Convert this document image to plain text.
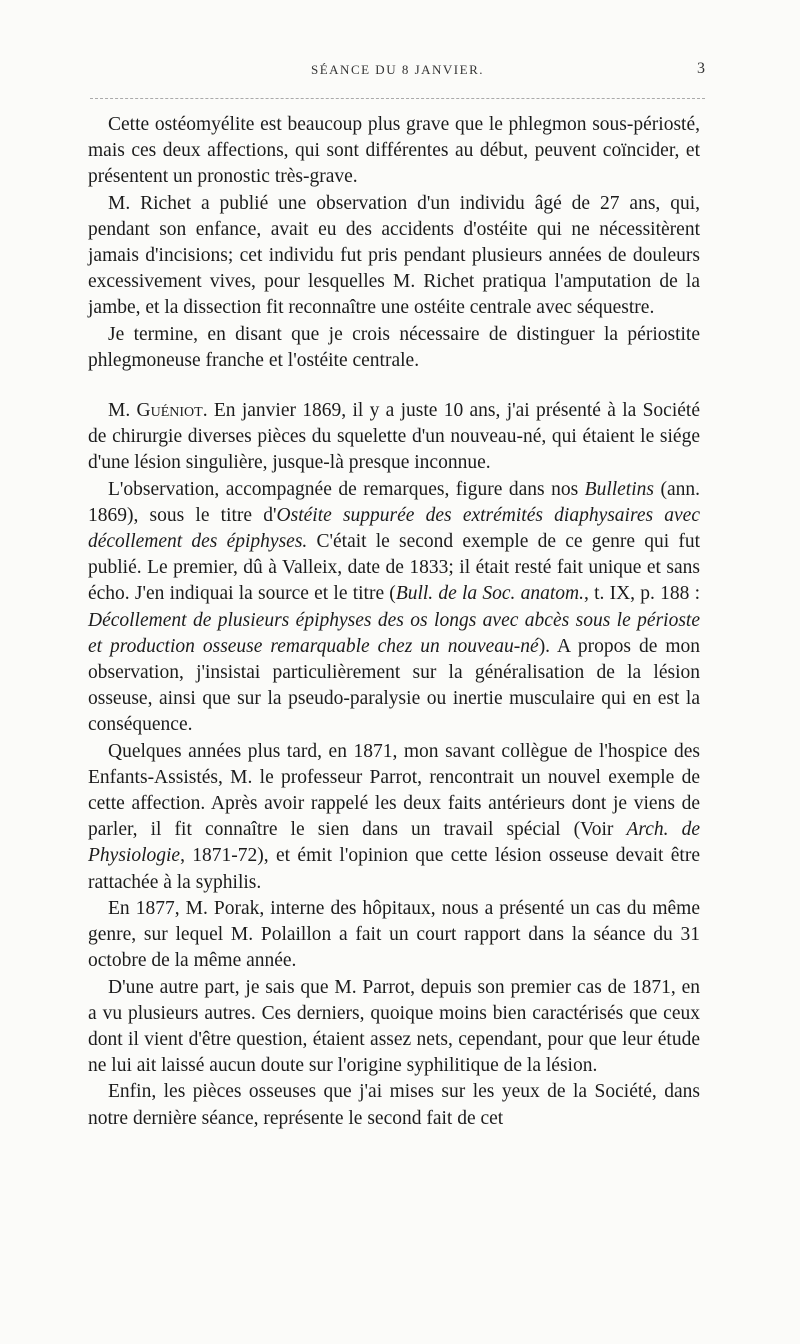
SÉANCE DU 8 JANVIER.	3

Cette ostéomyélite est beaucoup plus grave que le phlegmon sous-périosté, mais ces deux affections, qui sont différentes au début, peuvent coïncider, et présentent un pronostic très-grave.

M. Richet a publié une observation d'un individu âgé de 27 ans, qui, pendant son enfance, avait eu des accidents d'ostéite qui ne nécessitèrent jamais d'incisions; cet individu fut pris pendant plusieurs années de douleurs excessivement vives, pour lesquelles M. Richet pratiqua l'amputation de la jambe, et la dissection fit reconnaître une ostéite centrale avec séquestre.

Je termine, en disant que je crois nécessaire de distinguer la périostite phlegmoneuse franche et l'ostéite centrale.

M. Guéniot. En janvier 1869, il y a juste 10 ans, j'ai présenté à la Société de chirurgie diverses pièces du squelette d'un nouveau-né, qui étaient le siége d'une lésion singulière, jusque-là presque inconnue.

L'observation, accompagnée de remarques, figure dans nos Bulletins (ann. 1869), sous le titre d'Ostéite suppurée des extrémités diaphysaires avec décollement des épiphyses. C'était le second exemple de ce genre qui fut publié. Le premier, dû à Valleix, date de 1833; il était resté fait unique et sans écho. J'en indiquai la source et le titre (Bull. de la Soc. anatom., t. IX, p. 188 : Décollement de plusieurs épiphyses des os longs avec abcès sous le périoste et production osseuse remarquable chez un nouveau-né). A propos de mon observation, j'insistai particulièrement sur la généralisation de la lésion osseuse, ainsi que sur la pseudo-paralysie ou inertie musculaire qui en est la conséquence.

Quelques années plus tard, en 1871, mon savant collègue de l'hospice des Enfants-Assistés, M. le professeur Parrot, rencontrait un nouvel exemple de cette affection. Après avoir rappelé les deux faits antérieurs dont je viens de parler, il fit connaître le sien dans un travail spécial (Voir Arch. de Physiologie, 1871-72), et émit l'opinion que cette lésion osseuse devait être rattachée à la syphilis.

En 1877, M. Porak, interne des hôpitaux, nous a présenté un cas du même genre, sur lequel M. Polaillon a fait un court rapport dans la séance du 31 octobre de la même année.

D'une autre part, je sais que M. Parrot, depuis son premier cas de 1871, en a vu plusieurs autres. Ces derniers, quoique moins bien caractérisés que ceux dont il vient d'être question, étaient assez nets, cependant, pour que leur étude ne lui ait laissé aucun doute sur l'origine syphilitique de la lésion.

Enfin, les pièces osseuses que j'ai mises sur les yeux de la Société, dans notre dernière séance, représente le second fait de cet
